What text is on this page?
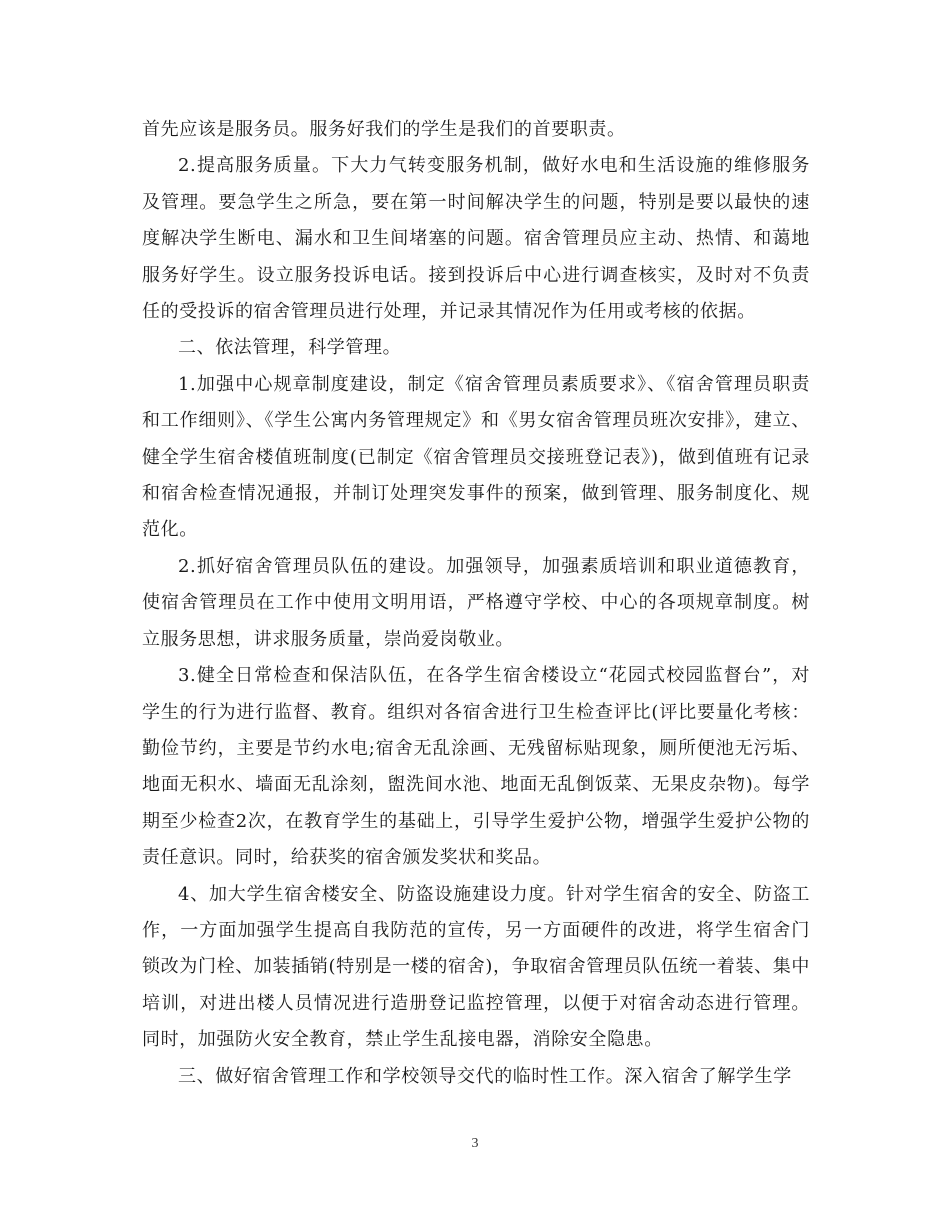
首先应该是服务员。服务好我们的学生是我们的首要职责。

2.提高服务质量。下大力气转变服务机制，做好水电和生活设施的维修服务及管理。要急学生之所急，要在第一时间解决学生的问题，特别是要以最快的速度解决学生断电、漏水和卫生间堵塞的问题。宿舍管理员应主动、热情、和蔼地服务好学生。设立服务投诉电话。接到投诉后中心进行调查核实，及时对不负责任的受投诉的宿舍管理员进行处理，并记录其情况作为任用或考核的依据。

二、依法管理，科学管理。

1.加强中心规章制度建设，制定《宿舍管理员素质要求》、《宿舍管理员职责和工作细则》、《学生公寓内务管理规定》和《男女宿舍管理员班次安排》，建立、健全学生宿舍楼值班制度(已制定《宿舍管理员交接班登记表》)，做到值班有记录和宿舍检查情况通报，并制订处理突发事件的预案，做到管理、服务制度化、规范化。

2.抓好宿舍管理员队伍的建设。加强领导，加强素质培训和职业道德教育，使宿舍管理员在工作中使用文明用语，严格遵守学校、中心的各项规章制度。树立服务思想，讲求服务质量，崇尚爱岗敬业。

3.健全日常检查和保洁队伍，在各学生宿舍楼设立“花园式校园监督台”，对学生的行为进行监督、教育。组织对各宿舍进行卫生检查评比(评比要量化考核：勤俭节约，主要是节约水电;宿舍无乱涂画、无残留标贴现象，厕所便池无污垢、地面无积水、墙面无乱涂刻，盥洗间水池、地面无乱倒饭菜、无果皮杂物)。每学期至少检查2次，在教育学生的基础上，引导学生爱护公物，增强学生爱护公物的责任意识。同时，给获奖的宿舍颁发奖状和奖品。

4、加大学生宿舍楼安全、防盗设施建设力度。针对学生宿舍的安全、防盗工作，一方面加强学生提高自我防范的宣传，另一方面硬件的改进，将学生宿舍门锁改为门栓、加装插销(特别是一楼的宿舍)，争取宿舍管理员队伍统一着装、集中培训，对进出楼人员情况进行造册登记监控管理，以便于对宿舍动态进行管理。同时，加强防火安全教育，禁止学生乱接电器，消除安全隐患。

三、做好宿舍管理工作和学校领导交代的临时性工作。深入宿舍了解学生学

3
